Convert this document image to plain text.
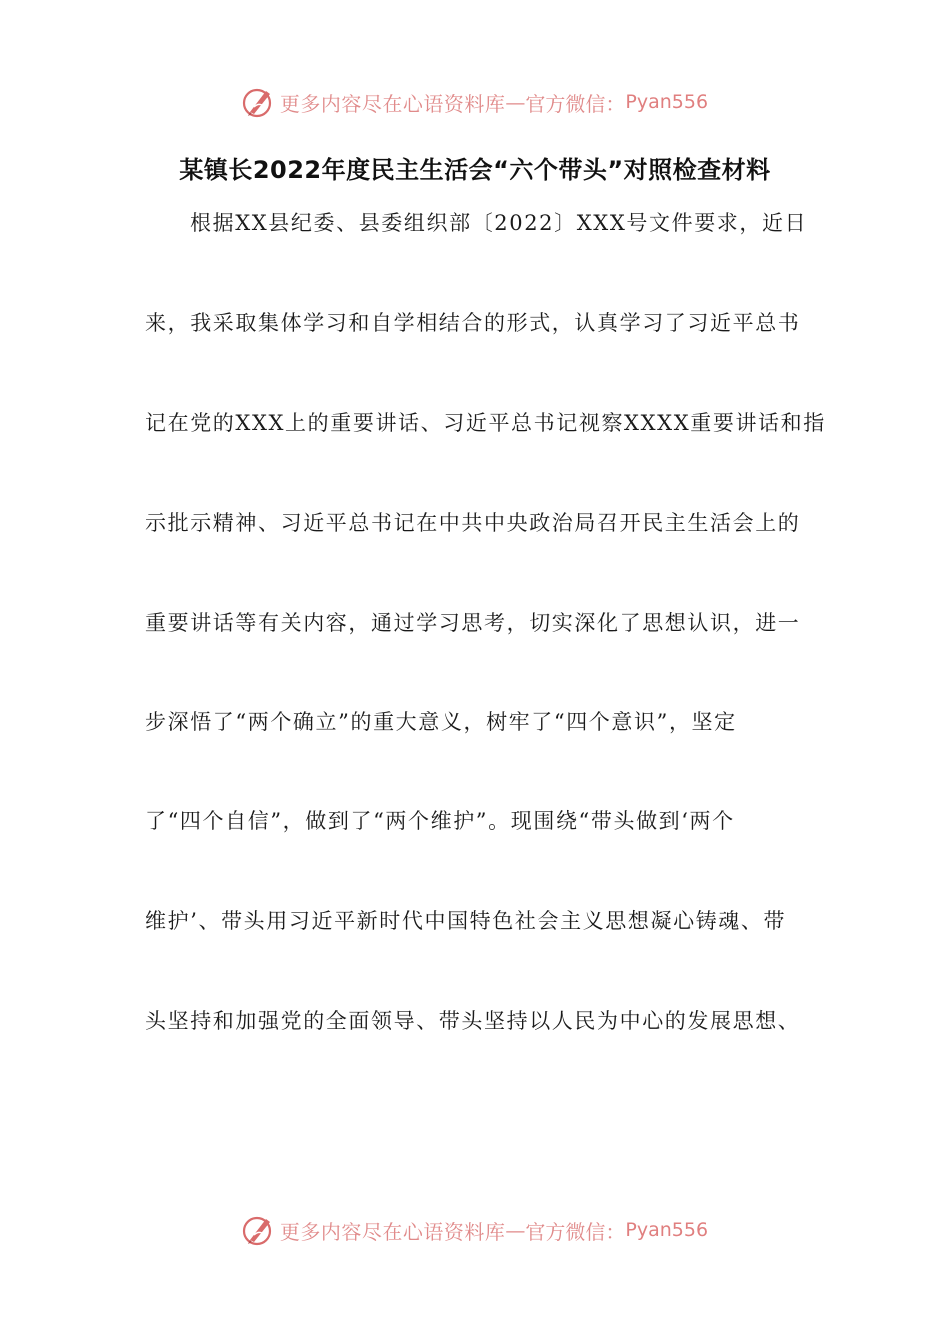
更多内容尽在心语资料库 — 官方微信： Pyan556
某镇长2022年度民主生活会“六个带头”对照检查材料
根据XX县纪委、县委组织部〔2022〕XXX号文件要求，近日
来，我采取集体学习和自学相结合的形式，认真学习了习近平总书
记在党的XXX上的重要讲话、习近平总书记视察XXXX重要讲话和指
示批示精神、习近平总书记在中共中央政治局召开民主生活会上的
重要讲话等有关内容，通过学习思考，切实深化了思想认识，进一
步深悟了“两个确立”的重大意义，树牢了“四个意识”，坚定
了“四个自信”，做到了“两个维护”。现围绕“带头做到‘两个
维护’、带头用习近平新时代中国特色社会主义思想凝心铸魂、带
头坚持和加强党的全面领导、带头坚持以人民为中心的发展思想、
更多内容尽在心语资料库 — 官方微信： Pyan556
